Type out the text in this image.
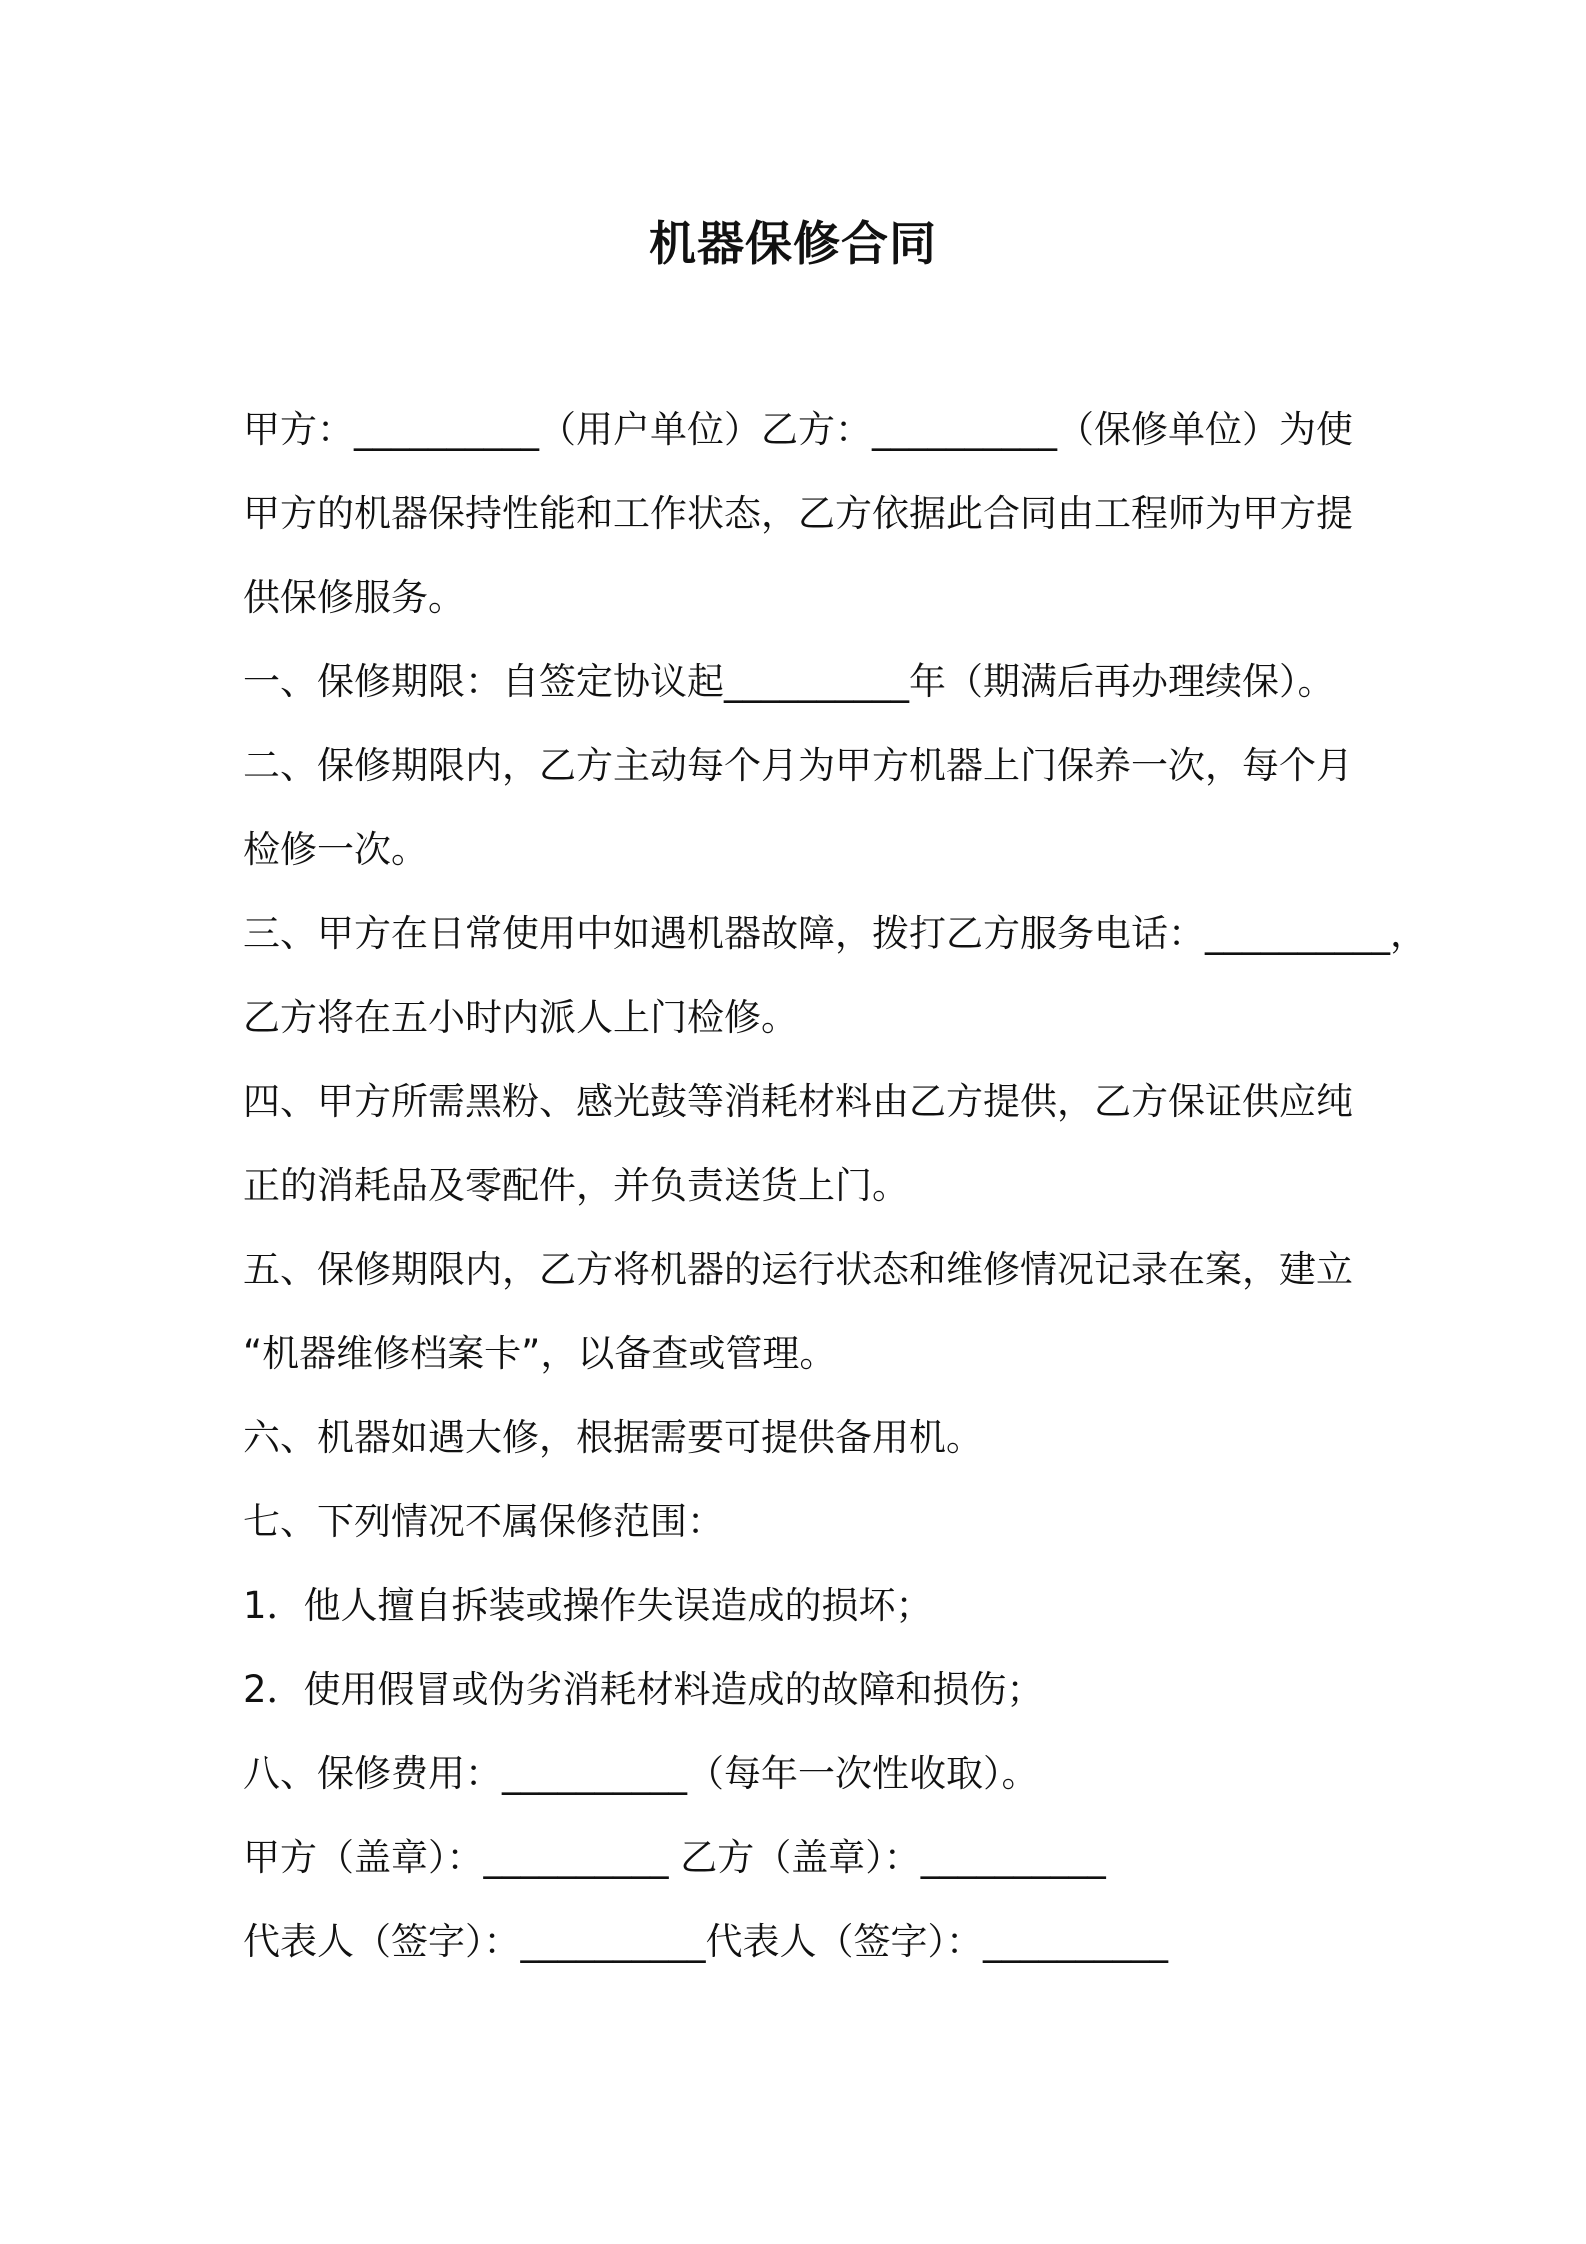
机器保修合同
甲方：__________（用户单位）乙方：__________（保修单位）为使
甲方的机器保持性能和工作状态，乙方依据此合同由工程师为甲方提
供保修服务。
一、保修期限：自签定协议起__________年（期满后再办理续保）。
二、保修期限内，乙方主动每个月为甲方机器上门保养一次，每个月
检修一次。
三、甲方在日常使用中如遇机器故障，拨打乙方服务电话：__________，
乙方将在五小时内派人上门检修。
四、甲方所需黑粉、感光鼓等消耗材料由乙方提供，乙方保证供应纯
正的消耗品及零配件，并负责送货上门。
五、保修期限内，乙方将机器的运行状态和维修情况记录在案，建立
“机器维修档案卡”，以备查或管理。
六、机器如遇大修，根据需要可提供备用机。
七、下列情况不属保修范围：
1．他人擅自拆装或操作失误造成的损坏；
2．使用假冒或伪劣消耗材料造成的故障和损伤；
八、保修费用：__________（每年一次性收取）。
甲方（盖章）：__________ 乙方（盖章）：__________
代表人（签字）：__________代表人（签字）：__________
